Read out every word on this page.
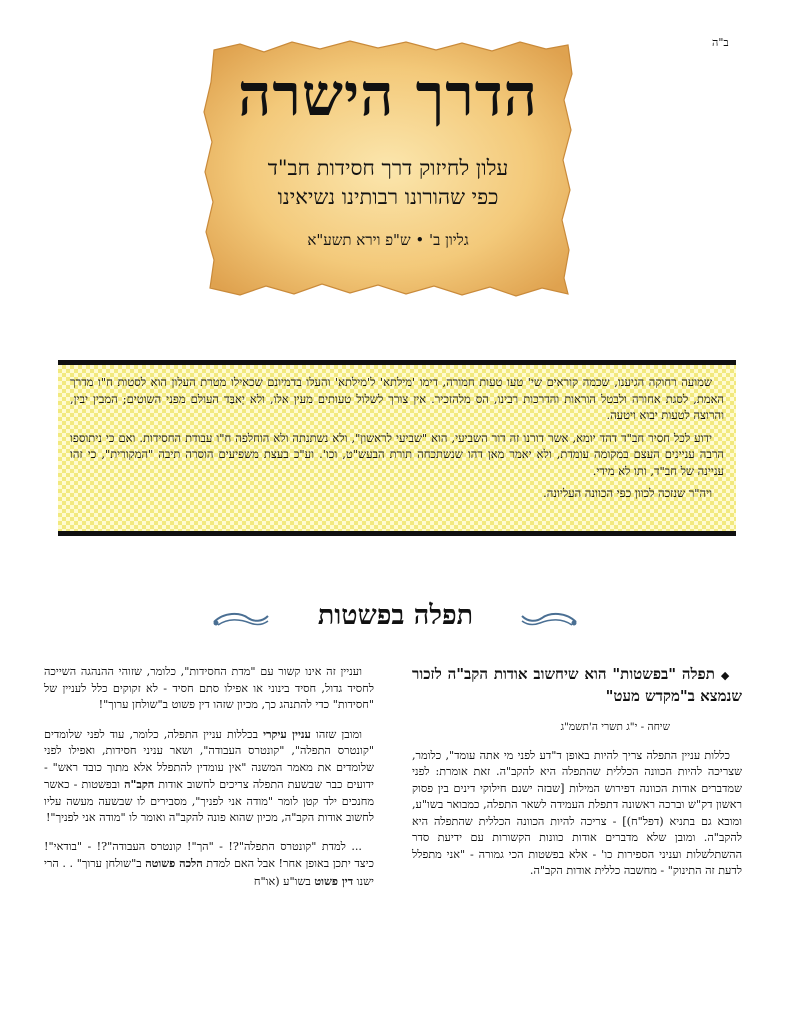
ב"ה
הדרך הישרה
עלון לחיזוק דרך חסידות חב"ד
כפי שהורונו רבותינו נשיאינו
גליון ב' • ש"פ וירא תשע"א

שמועה רחוקה הגיענו, שכמה קוראים שי' טעו טעות חמורה, דימו 'מילתא' ל'מילתא' והעלו בדמיונם שכאילו מטרת העלון הוא לסטות ח"ו מדרך האמת, לסגת אחורה ולבטל הוראות והדרכות רבינו, הס מלהזכיר. אין צורך לשלול טעותים מעין אלו, ולא יְאבַּד העולם מפני השוטים; המבין יבין, והרוצה לטעות יבוא ויטעה.

ידוע לכל חסיר חב"ד דהד יומא, אשר דורנו זה דור השביעי, הוא "שביעי לראשון", ולא נשתנתה ולא הוחלפה ח"ו עבודת החסידות. ואם כי ניתוספו הרבה עניינים העצם במקומה עומדת, ולא יאמר מאן דהו שנשתכחה תורת הבעש"ט, וכו'. וע"כ בעצת משפיעים הוסרה תיבה "המקורית", כי זהו עניינה של חב"ד, ותו לא מידי.

ויה"ר שנזכה לכוון כפי הכוונה העליונה.

תפלה בפשטות

◆תפלה "בפשטות" הוא שיחשוב אודות הקב"ה לזכור שנמצא ב"מקדש מעט"

שיחה - י"ג תשרי ה'תשמ"ג

כללות עניין התפלה צריך להיות באופן ד"דע לפני מי אתה עומד", כלומר, שצריכה להיות הכוונה הכללית שהתפלה היא להקב"ה. זאת אומרת: לפני שמדברים אודות הכוונה דפירוש המילות [שבזה ישנם חילוקי דינים בין פסוק ראשון דק"ש וברכה ראשונה דתפלת העמידה לשאר התפלה, כמבואר בשו"ע, ומובא גם בתניא (דפל"ח)] - צריכה להיות הכוונה הכללית שהתפלה היא להקב"ה. ומובן שלא מדברים אודות כוונות הקשורות עם ידיעת סדר ההשתלשלות ועניני הספירות כו' - אלא בפשטות הכי גמורה - "אני מתפלל לדעת זה התינוק" - מחשבה כללית אודות הקב"ה.

ועניין זה אינו קשור עם "מדת החסידות", כלומר, שזוהי ההנהגה השייכה לחסיד גדול, חסיד בינוני או אפילו סתם חסיד - לא זקוקים כלל לעניין של "חסידות" כדי להתנהג כך, מכיון שזהו דין פשוט ב"שולחן ערוך"!

ומובן שזהו עניין עיקרי בכללות עניין התפלה, כלומר, עוד לפני שלומדים "קונטרס התפלה", "קונטרס העבודה", ושאר עניני חסידות, ואפילו לפני שלומדים את מאמר המשנה "אין עומדין להתפלל אלא מתוך כובד ראש" - ידועים כבר שבשעת התפלה צריכים לחשוב אודות הקב"ה ובפשטות - כאשר מחנכים ילד קטן לומר "מודה אני לפניך", מסבירים לו שבשעה מעשה עליו לחשוב אודות הקב"ה, מכיון שהוא פונה להקב"ה ואומר לו "מודה אני לפניך"!

... למדת "קונטרס התפלה"?! - "הך"! קונטרס העבודה"?! - "בודאי"! כיצד יתכן באופן אחר! אבל האם למדת הלכה פשוטה ב"שולחן ערוך" . . הרי ישנו דין פשוט בשו"ע (או"ח
